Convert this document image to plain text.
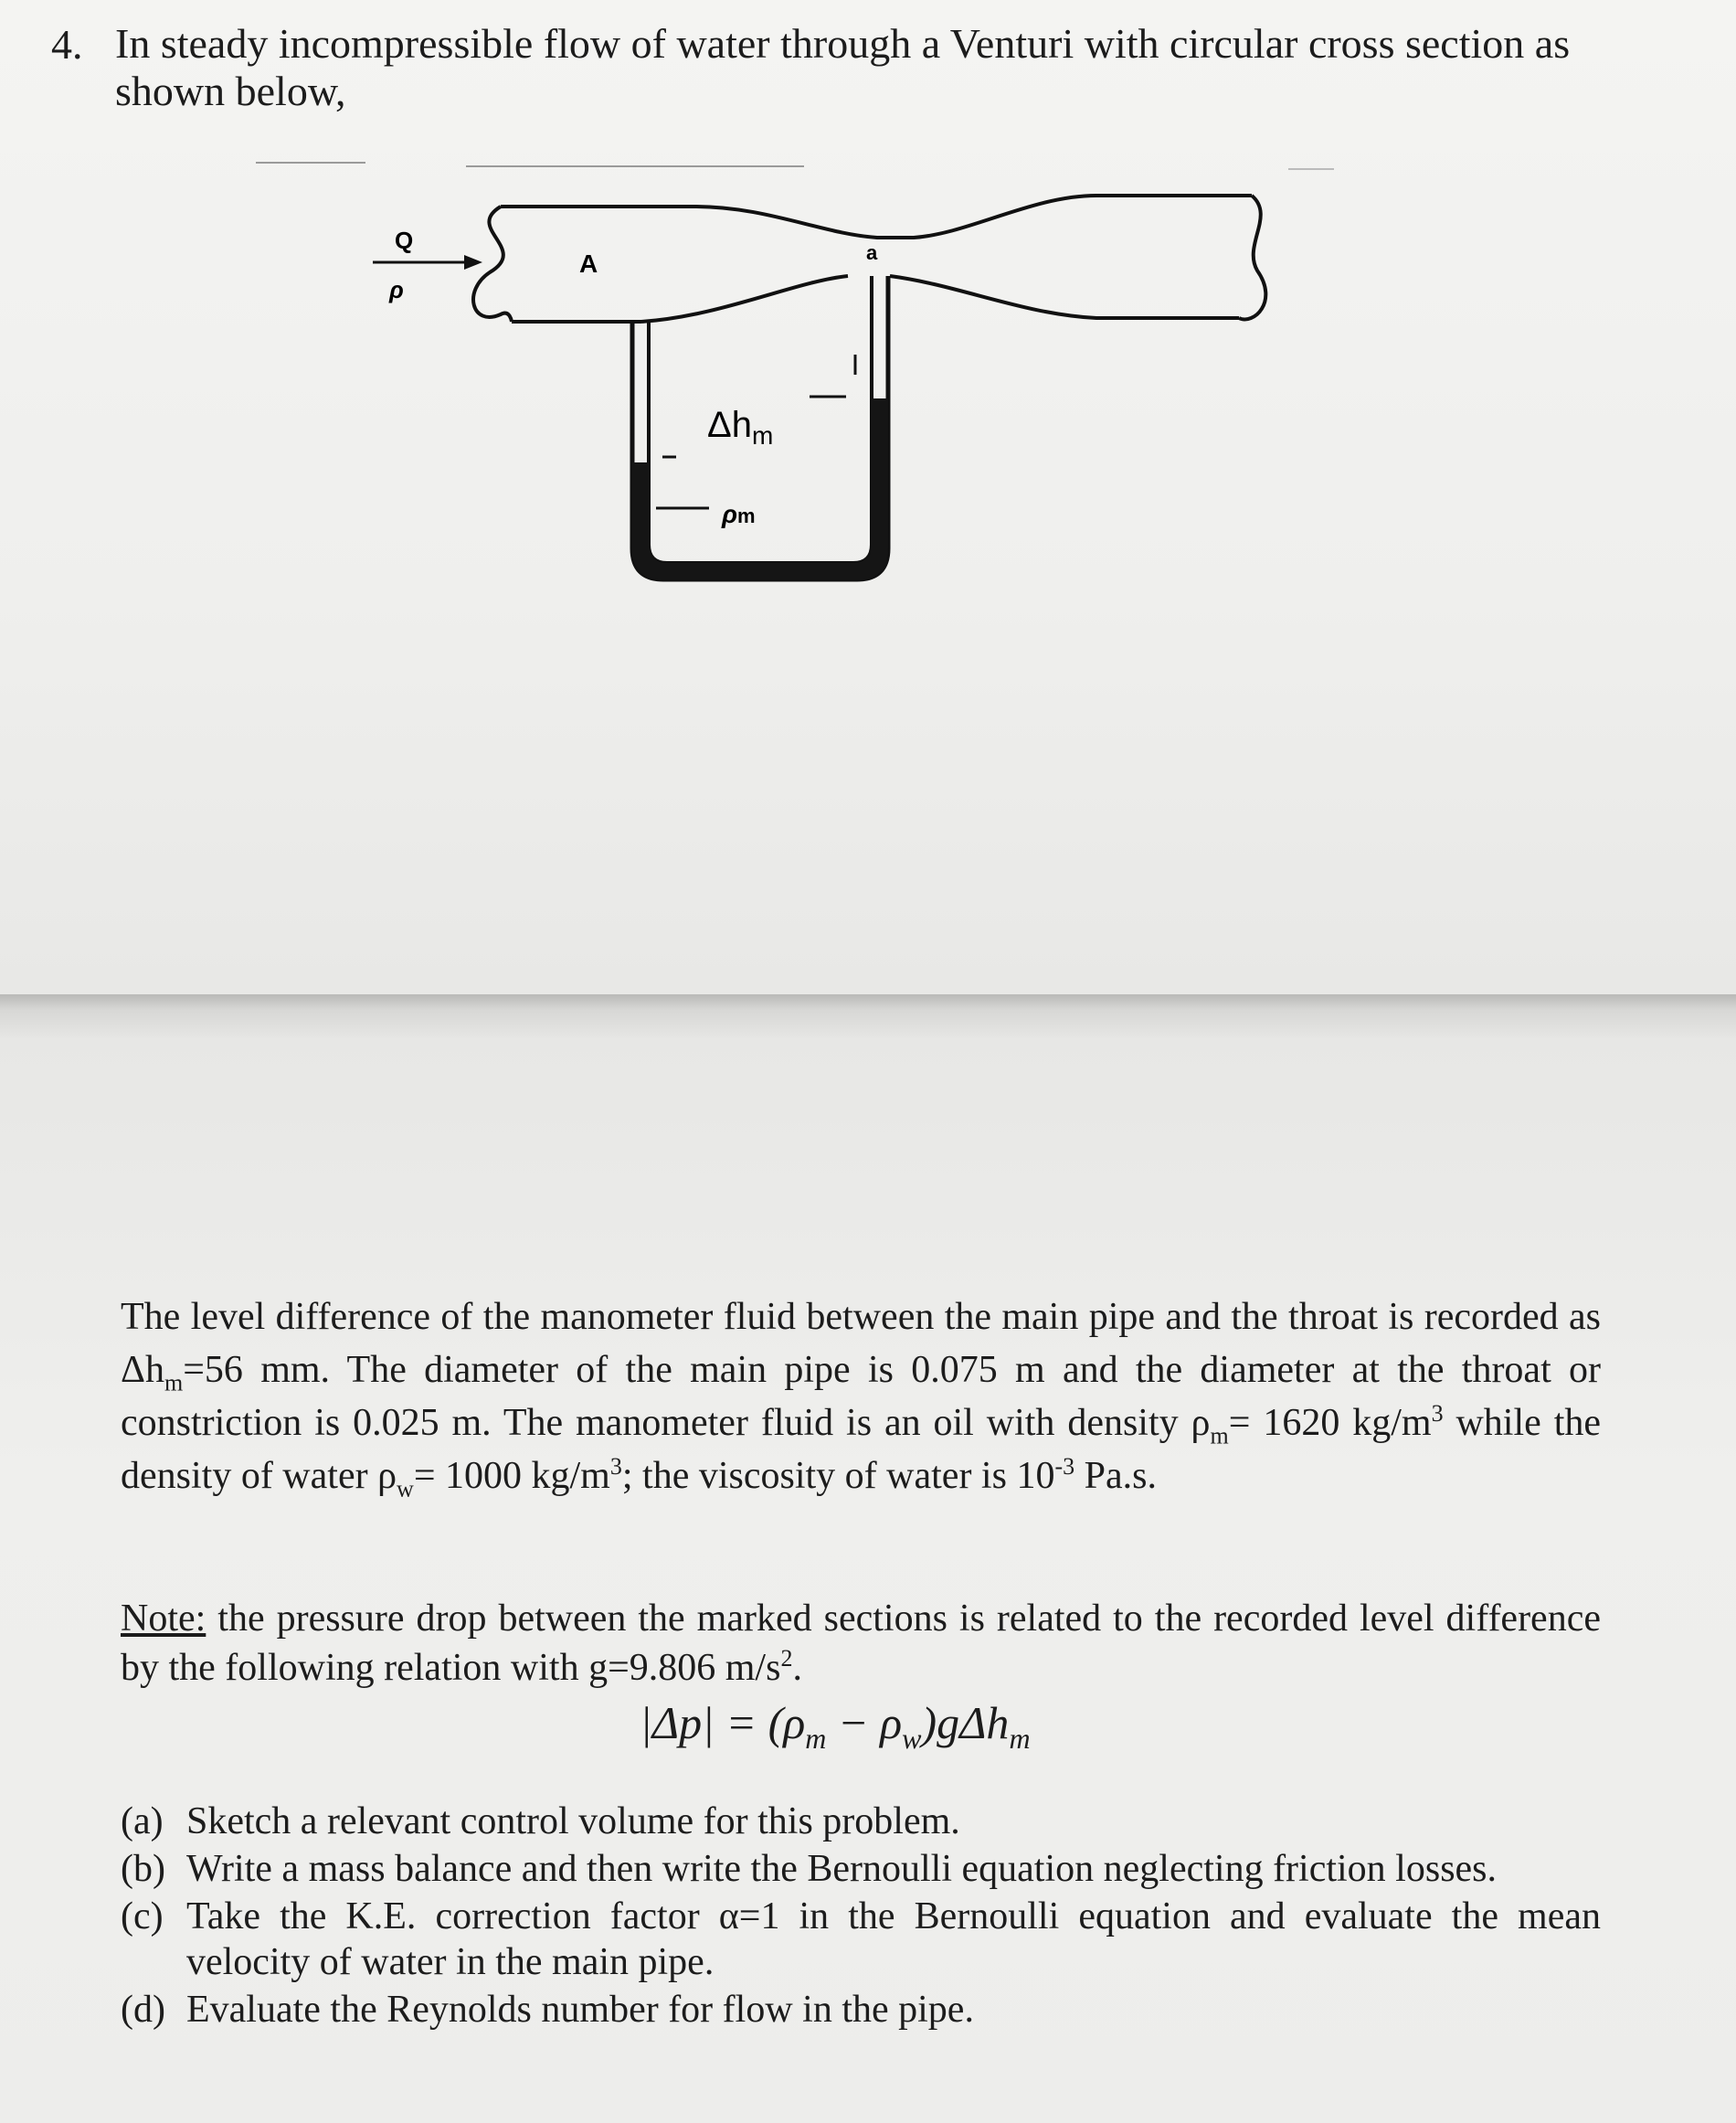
4. In steady incompressible flow of water through a Venturi with circular cross section as shown below,
Q
ρ
A	a
$\Delta h_m$
ρm
The level difference of the manometer fluid between the main pipe and the throat is recorded as $\Delta h_m=56$ mm. The diameter of the main pipe is 0.075 m and the diameter at the throat or constriction is 0.025 m. The manometer fluid is an oil with density $\rho_m= 1620$ $kg/m^3$ while the density of water $\rho_w= 1000$ $kg/m^3$; the viscosity of water is $10^{-3}$ Pa.s.
Note: the pressure drop between the marked sections is related to the recorded level difference by the following relation with g=9.806 $m/s^2$.
$|\Delta p| = (\rho_m - \rho_w)g\Delta h_m$
(a) Sketch a relevant control volume for this problem.
(b) Write a mass balance and then write the Bernoulli equation neglecting friction losses.
(c) Take the K.E. correction factor α=1 in the Bernoulli equation and evaluate the mean velocity of water in the main pipe.
(d) Evaluate the Reynolds number for flow in the pipe.
